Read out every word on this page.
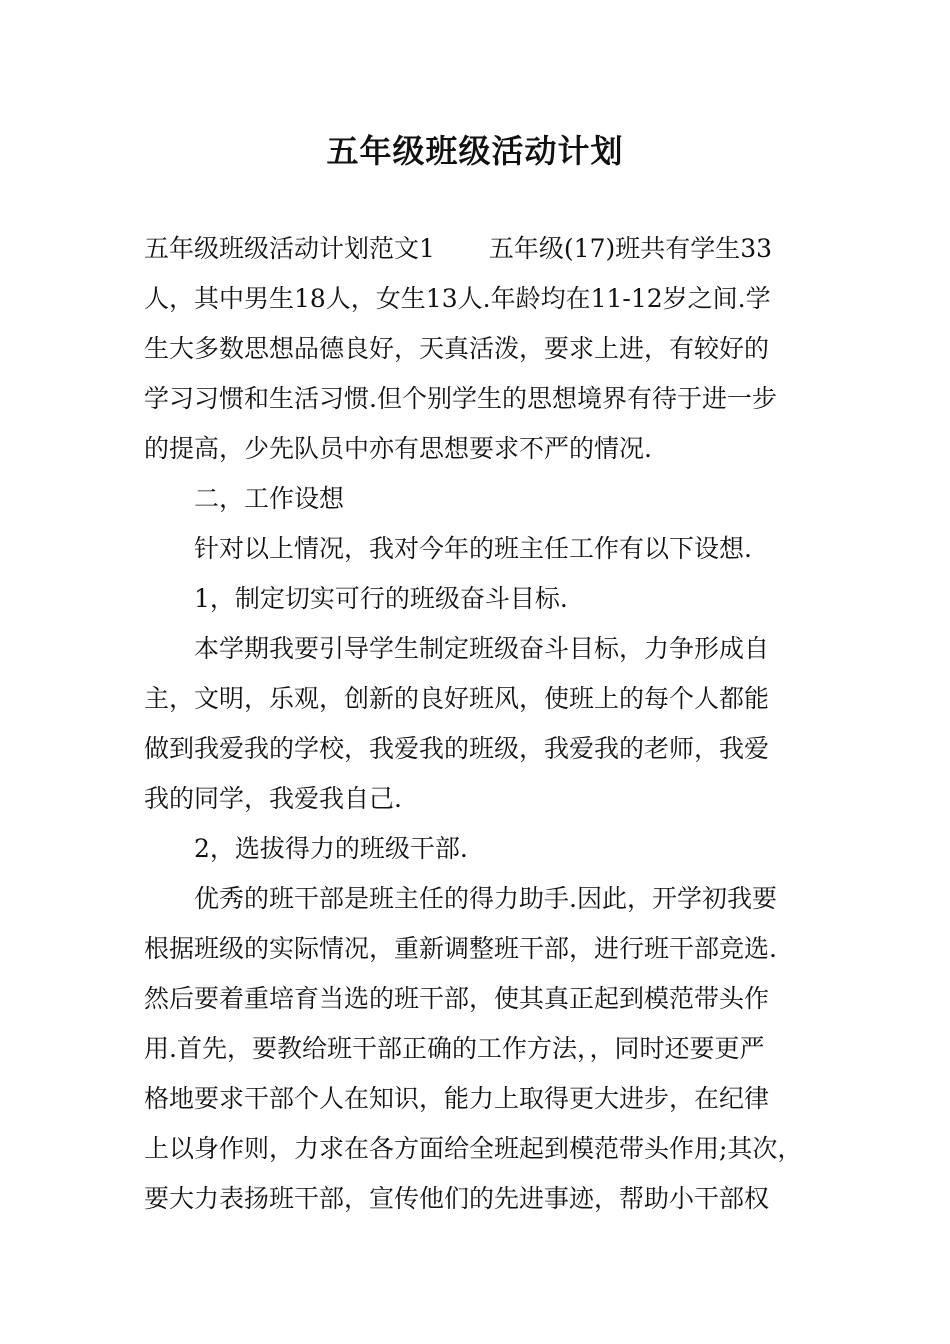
五年级班级活动计划
五年级班级活动计划范文1 五年级(17)班共有学生33
人，其中男生18人，女生13人.年龄均在11-12岁之间.学
生大多数思想品德良好，天真活泼，要求上进，有较好的
学习习惯和生活习惯.但个别学生的思想境界有待于进一步
的提高，少先队员中亦有思想要求不严的情况.
二，工作设想
针对以上情况，我对今年的班主任工作有以下设想.
1，制定切实可行的班级奋斗目标.
本学期我要引导学生制定班级奋斗目标，力争形成自
主，文明，乐观，创新的良好班风，使班上的每个人都能
做到我爱我的学校，我爱我的班级，我爱我的老师，我爱
我的同学，我爱我自己.
2，选拔得力的班级干部.
优秀的班干部是班主任的得力助手.因此，开学初我要
根据班级的实际情况，重新调整班干部，进行班干部竞选.
然后要着重培育当选的班干部，使其真正起到模范带头作
用.首先，要教给班干部正确的工作方法，，同时还要更严
格地要求干部个人在知识，能力上取得更大进步，在纪律
上以身作则，力求在各方面给全班起到模范带头作用;其次，
要大力表扬班干部，宣传他们的先进事迹，帮助小干部权
